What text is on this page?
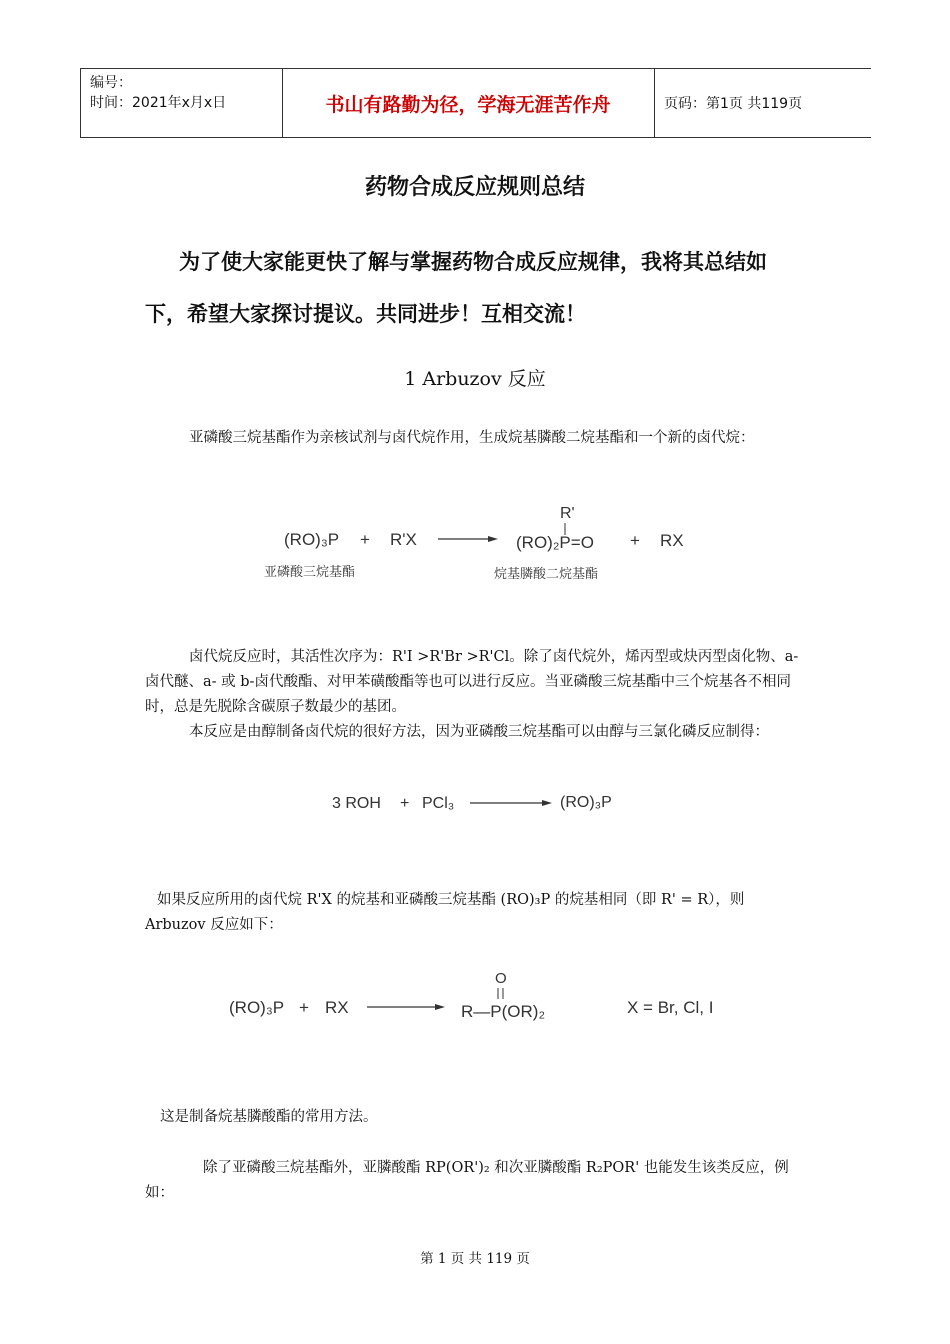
编号：
时间：2021年x月x日	书山有路勤为径，学海无涯苦作舟	页码：第1页 共119页
药物合成反应规则总结
为了使大家能更快了解与掌握药物合成反应规律，我将其总结如下，希望大家探讨提议。共同进步！互相交流！
1 Arbuzov 反应
亚磷酸三烷基酯作为亲核试剂与卤代烷作用，生成烷基膦酸二烷基酯和一个新的卤代烷：
(RO)₃P + R'X
R'
(RO)₂P=O + RX
亚磷酸三烷基酯	烷基膦酸二烷基酯
卤代烷反应时，其活性次序为：R'I >R'Br >R'Cl。除了卤代烷外，烯丙型或炔丙型卤化物、a-卤代醚、a- 或 b-卤代酸酯、对甲苯磺酸酯等也可以进行反应。当亚磷酸三烷基酯中三个烷基各不相同时，总是先脱除含碳原子数最少的基团。
本反应是由醇制备卤代烷的很好方法，因为亚磷酸三烷基酯可以由醇与三氯化磷反应制得：
3 ROH + PCl₃	(RO)₃P
如果反应所用的卤代烷 R'X 的烷基和亚磷酸三烷基酯 (RO)₃P 的烷基相同（即 R' = R），则 Arbuzov 反应如下：
(RO)₃P + RX
O
R—P(OR)₂	X = Br, Cl, I
这是制备烷基膦酸酯的常用方法。
除了亚磷酸三烷基酯外，亚膦酸酯 RP(OR')₂ 和次亚膦酸酯 R₂POR' 也能发生该类反应，例如：
第 1 页 共 119 页
